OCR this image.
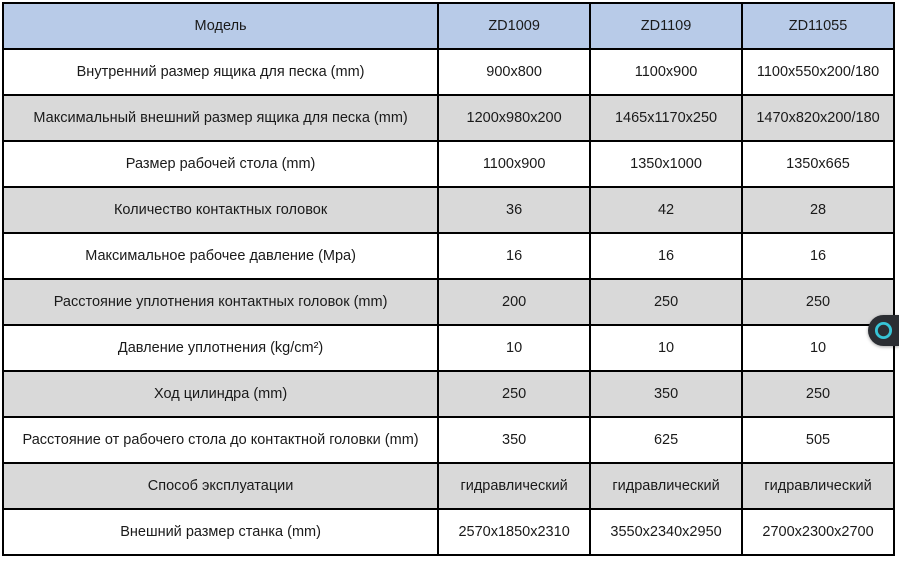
Модель	ZD1009	ZD1109	ZD11055
Внутренний размер ящика для песка (mm)	900x800	1100x900	1100x550x200/180
Максимальный внешний размер ящика для песка (mm)	1200x980x200	1465x1170x250	1470x820x200/180
Размер рабочей стола (mm)	1100x900	1350x1000	1350x665
Количество контактных головок	36	42	28
Максимальное рабочее давление (Mpa)	16	16	16
Расстояние уплотнения контактных головок (mm)	200	250	250
Давление уплотнения (kg/cm²)	10	10	10
Ход цилиндра (mm)	250	350	250
Расстояние от рабочего стола до контактной головки (mm)	350	625	505
Способ эксплуатации	гидравлический	гидравлический	гидравлический
Внешний размер станка (mm)	2570x1850x2310	3550x2340x2950	2700x2300x2700
